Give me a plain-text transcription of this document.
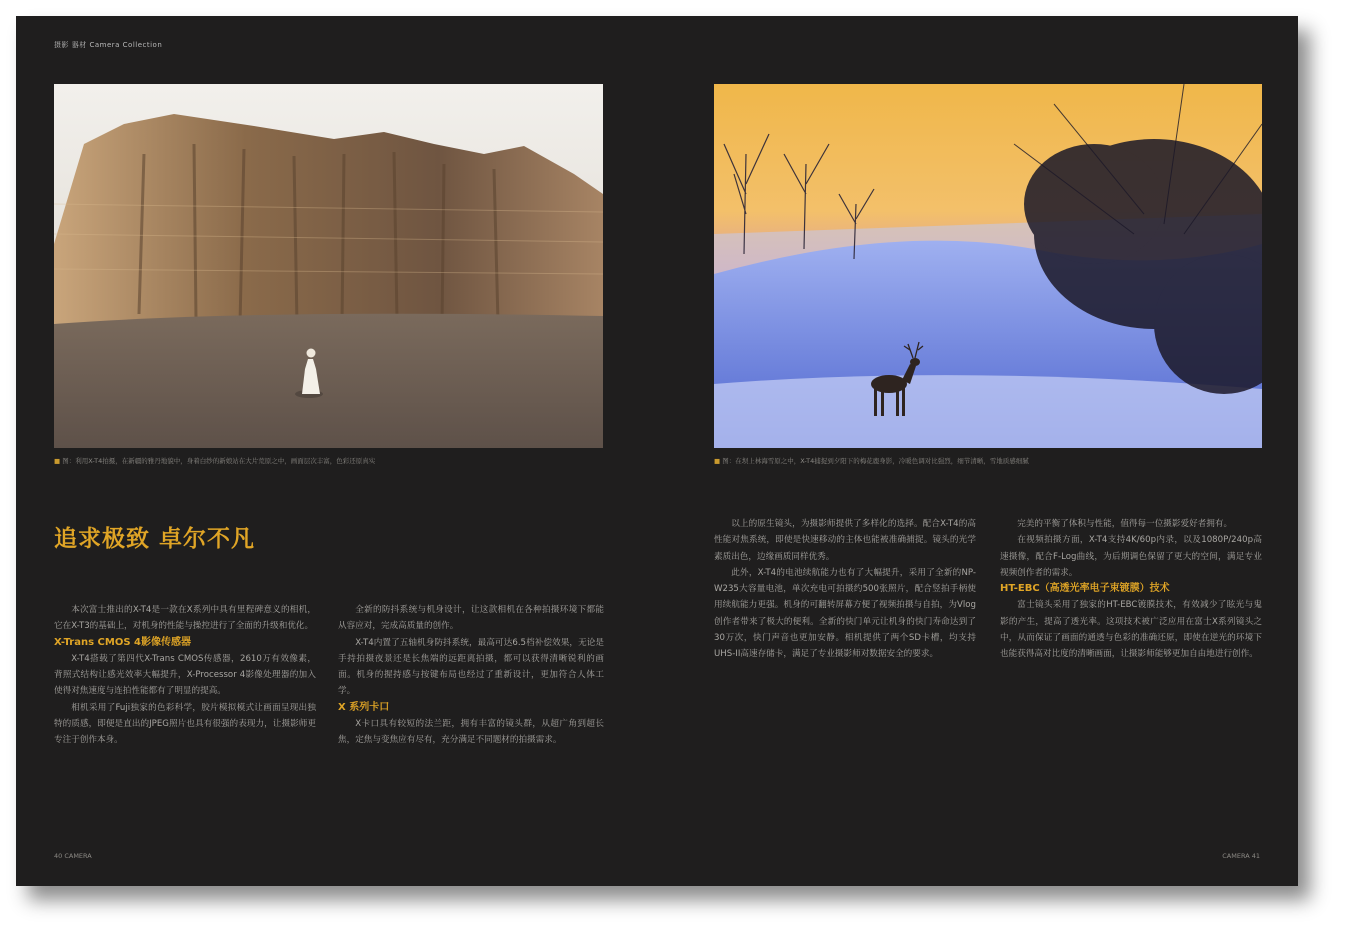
摄影 器材 Camera Collection
■ 图：利用X-T4拍摄，在新疆的雅丹地貌中，身着白纱的新娘站在大片荒原之中，画面层次丰富，色彩还原真实	■ 图：在坝上林海雪原之中，X-T4捕捉到夕阳下的梅花鹿身影，冷暖色调对比强烈，细节清晰，雪地质感细腻
追求极致 卓尔不凡

本次富士推出的X-T4是一款在X系列中具有里程碑意义的相机，它在X-T3的基础上，对机身的性能与操控进行了全面的升级和优化。

X-Trans CMOS 4影像传感器

X-T4搭载了第四代X-Trans CMOS传感器，2610万有效像素，背照式结构让感光效率大幅提升，X-Processor 4影像处理器的加入使得对焦速度与连拍性能都有了明显的提高。

相机采用了Fuji独家的色彩科学，胶片模拟模式让画面呈现出独特的质感，即便是直出的JPEG照片也具有很强的表现力，让摄影师更专注于创作本身。

全新的防抖系统与机身设计，让这款相机在各种拍摄环境下都能从容应对，完成高质量的创作。

X-T4内置了五轴机身防抖系统，最高可达6.5档补偿效果，无论是手持拍摄夜景还是长焦端的远距离拍摄，都可以获得清晰锐利的画面。机身的握持感与按键布局也经过了重新设计，更加符合人体工学。

X 系列卡口

X卡口具有较短的法兰距，拥有丰富的镜头群，从超广角到超长焦，定焦与变焦应有尽有，充分满足不同题材的拍摄需求。

以上的原生镜头，为摄影师提供了多样化的选择。配合X-T4的高性能对焦系统，即使是快速移动的主体也能被准确捕捉。镜头的光学素质出色，边缘画质同样优秀。

此外，X-T4的电池续航能力也有了大幅提升，采用了全新的NP-W235大容量电池，单次充电可拍摄约500张照片，配合竖拍手柄使用续航能力更强。机身的可翻转屏幕方便了视频拍摄与自拍，为Vlog创作者带来了极大的便利。全新的快门单元让机身的快门寿命达到了30万次，快门声音也更加安静。相机提供了两个SD卡槽，均支持UHS-II高速存储卡，满足了专业摄影师对数据安全的要求。

完美的平衡了体积与性能，值得每一位摄影爱好者拥有。

在视频拍摄方面，X-T4支持4K/60p内录，以及1080P/240p高速摄像，配合F-Log曲线，为后期调色保留了更大的空间，满足专业视频创作者的需求。

HT-EBC（高透光率电子束镀膜）技术

富士镜头采用了独家的HT-EBC镀膜技术，有效减少了眩光与鬼影的产生，提高了透光率。这项技术被广泛应用在富士X系列镜头之中，从而保证了画面的通透与色彩的准确还原，即使在逆光的环境下也能获得高对比度的清晰画面，让摄影师能够更加自由地进行创作。

40 CAMERA	CAMERA 41
